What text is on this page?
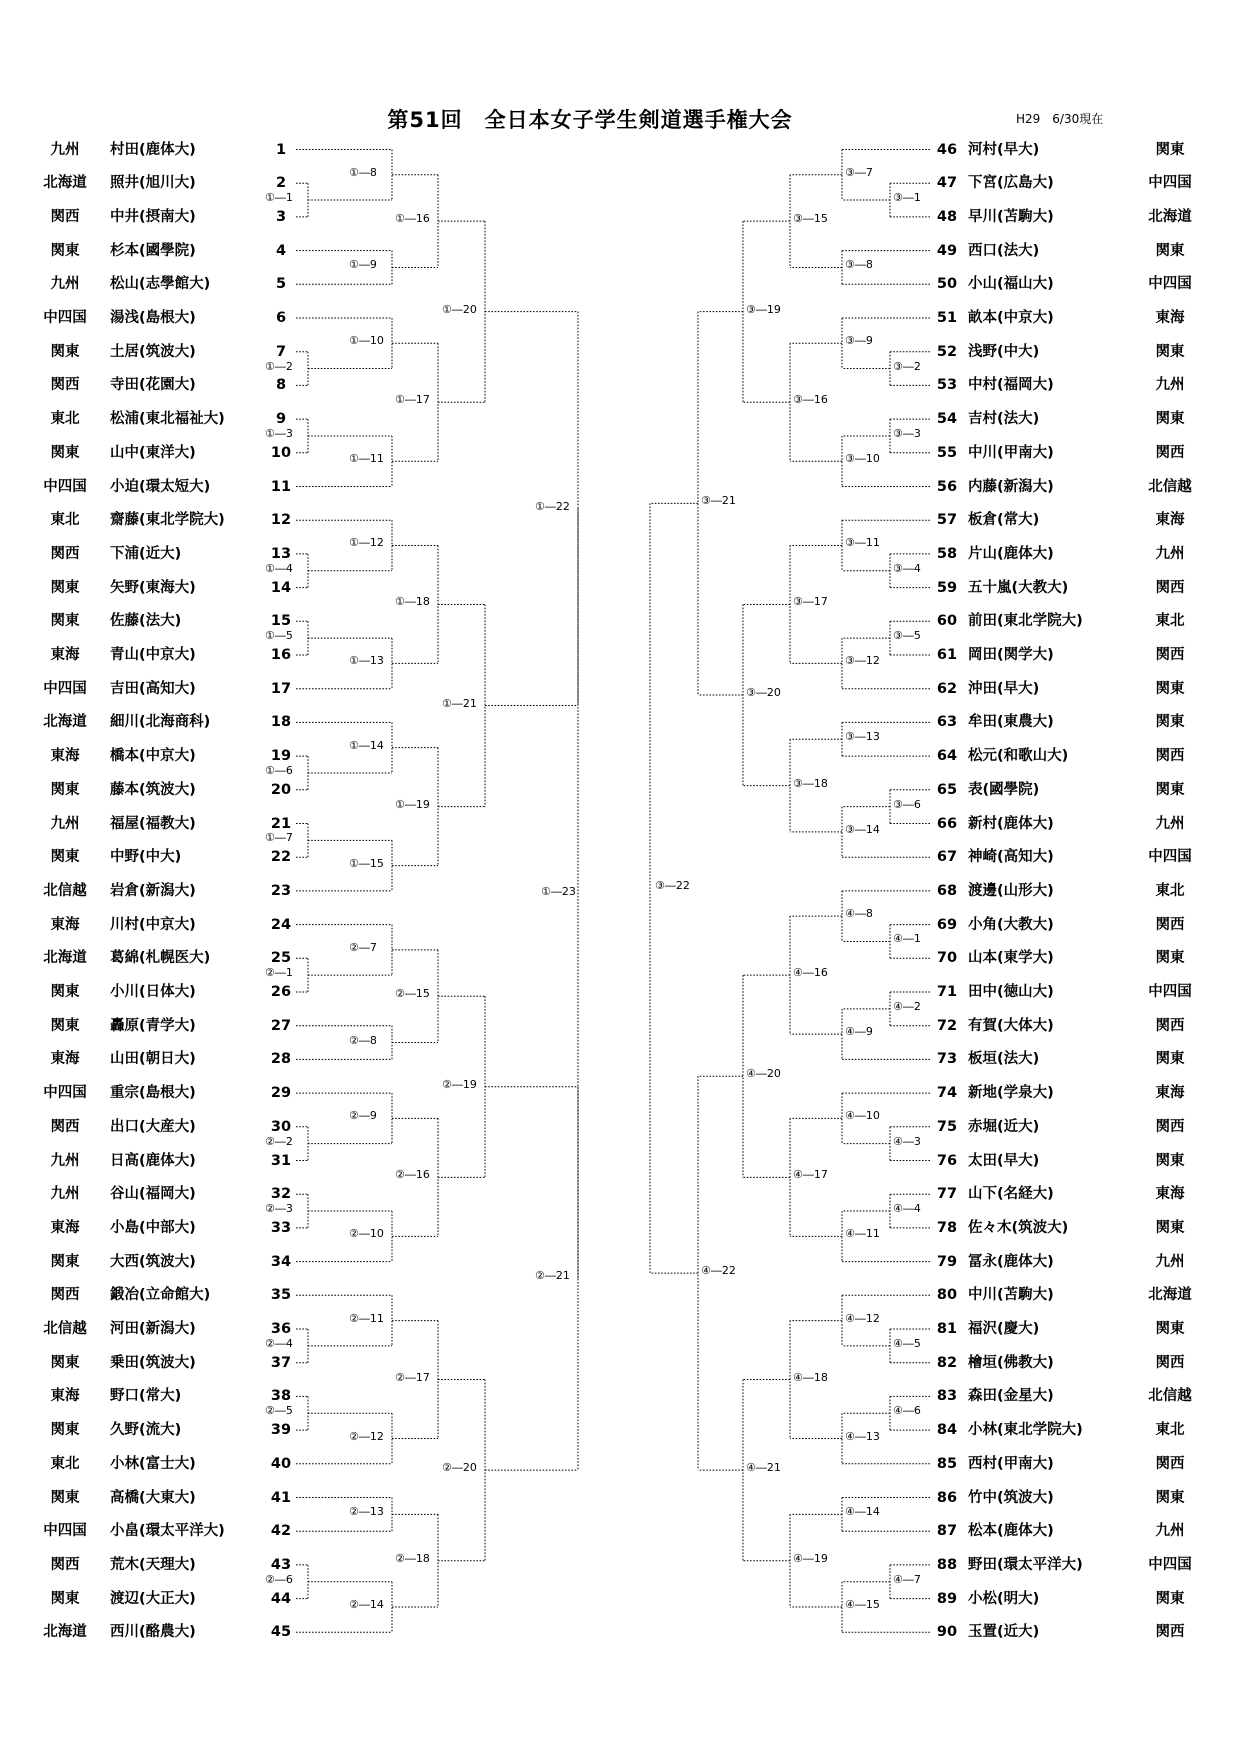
第51回　全日本女子学生剣道選手権大会	H29　6/30現在
九州	村田(鹿体大)	1
北海道	照井(旭川大)	2
関西	中井(摂南大)	3
関東	杉本(國學院)	4
九州	松山(志學館大)	5
中四国	湯浅(島根大)	6
関東	土居(筑波大)	7
関西	寺田(花園大)	8
東北	松浦(東北福祉大)	9
関東	山中(東洋大)	10
中四国	小迫(環太短大)	11
東北	齋藤(東北学院大)	12
関西	下浦(近大)	13
関東	矢野(東海大)	14
関東	佐藤(法大)	15
東海	青山(中京大)	16
中四国	吉田(高知大)	17
北海道	細川(北海商科)	18
東海	橋本(中京大)	19
関東	藤本(筑波大)	20
九州	福屋(福教大)	21
関東	中野(中大)	22
北信越	岩倉(新潟大)	23
東海	川村(中京大)	24
北海道	葛綿(札幌医大)	25
関東	小川(日体大)	26
関東	轟原(青学大)	27
東海	山田(朝日大)	28
中四国	重宗(島根大)	29
関西	出口(大産大)	30
九州	日高(鹿体大)	31
九州	谷山(福岡大)	32
東海	小島(中部大)	33
関東	大西(筑波大)	34
関西	鍛冶(立命館大)	35
北信越	河田(新潟大)	36
関東	乗田(筑波大)	37
東海	野口(常大)	38
関東	久野(流大)	39
東北	小林(富士大)	40
関東	高橋(大東大)	41
中四国	小畠(環太平洋大)	42
関西	荒木(天理大)	43
関東	渡辺(大正大)	44
北海道	西川(酪農大)	45
46 河村(早大)	関東
47 下宮(広島大)	中四国
48 早川(苫駒大)	北海道
49 西口(法大)	関東
50 小山(福山大)	中四国
51 畝本(中京大)	東海
52 浅野(中大)	関東
53 中村(福岡大)	九州
54 吉村(法大)	関東
55 中川(甲南大)	関西
56 内藤(新潟大)	北信越
57 板倉(常大)	東海
58 片山(鹿体大)	九州
59 五十嵐(大教大)	関西
60 前田(東北学院大)	東北
61 岡田(関学大)	関西
62 沖田(早大)	関東
63 牟田(東農大)	関東
64 松元(和歌山大)	関西
65 表(國學院)	関東
66 新村(鹿体大)	九州
67 神崎(高知大)	中四国
68 渡邊(山形大)	東北
69 小角(大教大)	関西
70 山本(東学大)	関東
71 田中(徳山大)	中四国
72 有賀(大体大)	関西
73 板垣(法大)	関東
74 新地(学泉大)	東海
75 赤堀(近大)	関西
76 太田(早大)	関東
77 山下(名経大)	東海
78 佐々木(筑波大)	関東
79 冨永(鹿体大)	九州
80 中川(苫駒大)	北海道
81 福沢(慶大)	関東
82 檜垣(佛教大)	関西
83 森田(金星大)	北信越
84 小林(東北学院大)	東北
85 西村(甲南大)	関西
86 竹中(筑波大)	関東
87 松本(鹿体大)	九州
88 野田(環太平洋大)	中四国
89 小松(明大)	関東
90 玉置(近大)	関西
①―1
①―8
①―9
①―16
①―2
①―10
①―3
①―11
①―17
①―20
①―4
①―12
①―5
①―13
①―18
①―6
①―14
①―7
①―15
①―19
①―21
①―22
②―1
②―7
②―8
②―15
②―2
②―9
②―3
②―10
②―16
②―19
②―4
②―11
②―5
②―12
②―17
②―13
②―6
②―14
②―18
②―20
②―21
①―23
③―1
③―7
③―8
③―15
③―2
③―9
③―3
③―10
③―16
③―19
③―4
③―11
③―5
③―12
③―17
③―13
③―6
③―14
③―18
③―20
③―21
④―1
④―8
④―2
④―9
④―16
④―3
④―10
④―4
④―11
④―17
④―20
④―5
④―12
④―6
④―13
④―18
④―14
④―7
④―15
④―19
④―21
④―22
③―22
